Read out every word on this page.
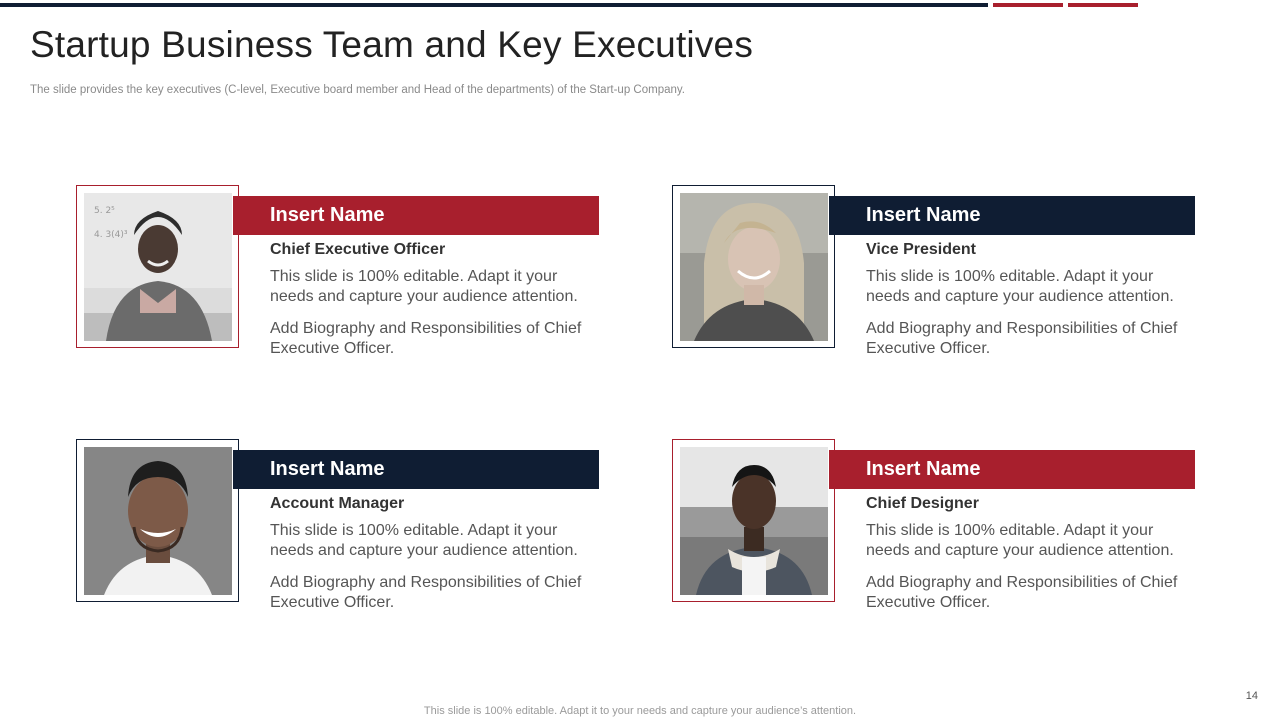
Startup Business Team and Key Executives

The slide provides the key executives (C-level, Executive board member and Head of the departments) of the Start-up Company.

5. 2⁵
4. 3(4)³
Insert Name
Chief Executive Officer
This slide is 100% editable. Adapt it your needs and capture your audience attention.
Add Biography and Responsibilities of Chief Executive Officer.
Insert Name
Vice President
This slide is 100% editable. Adapt it your needs and capture your audience attention.
Add Biography and Responsibilities of Chief Executive Officer.
Insert Name
Account Manager
This slide is 100% editable. Adapt it your needs and capture your audience attention.
Add Biography and Responsibilities of Chief Executive Officer.
Insert Name
Chief Designer
This slide is 100% editable. Adapt it your needs and capture your audience attention.
Add Biography and Responsibilities of Chief Executive Officer.
14
This slide is 100% editable. Adapt it to your needs and capture your audience’s attention.
